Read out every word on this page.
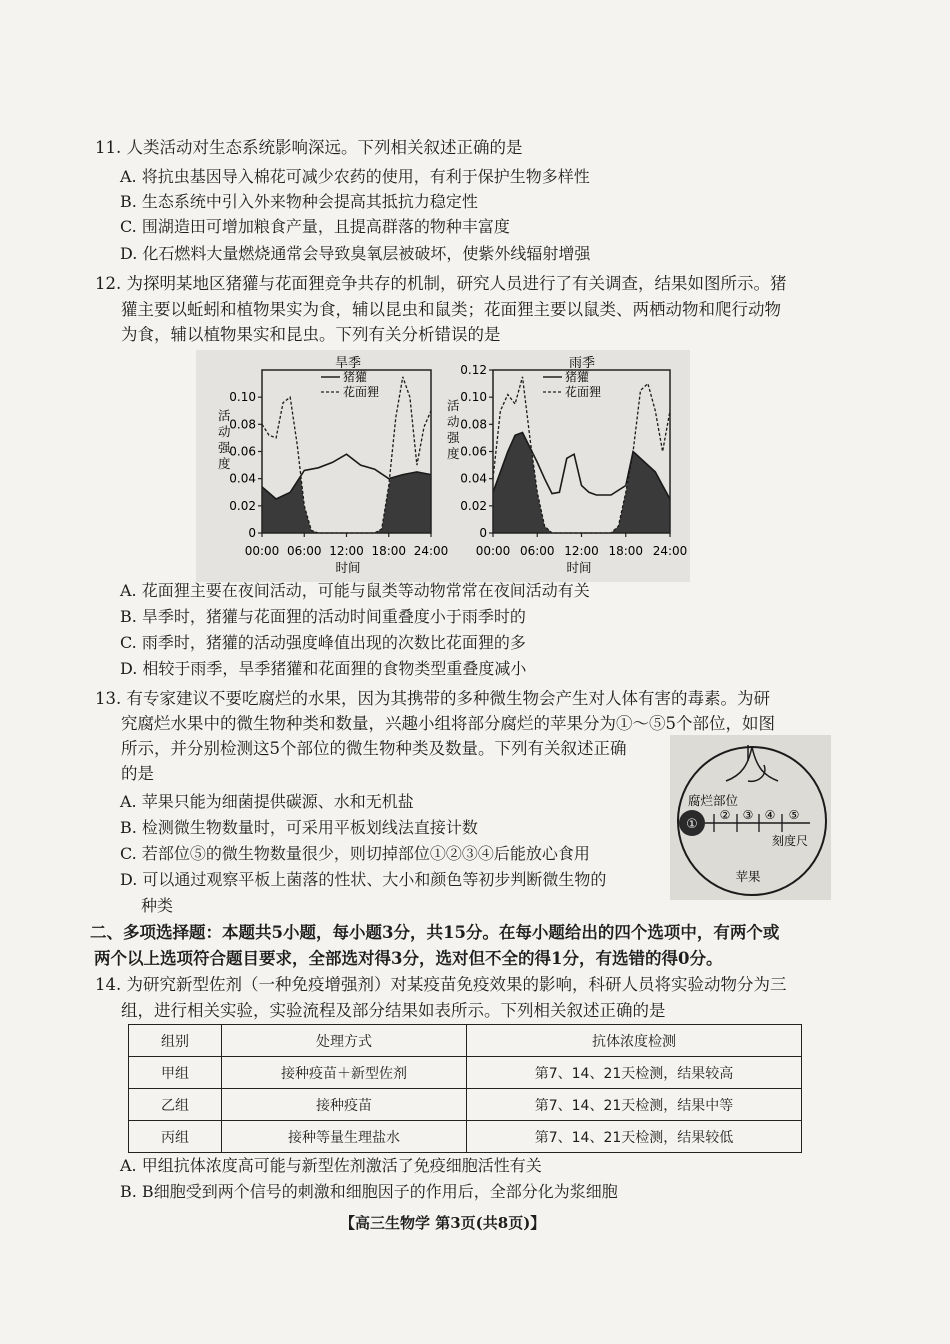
11. 人类活动对生态系统影响深远。下列相关叙述正确的是
A. 将抗虫基因导入棉花可减少农药的使用，有利于保护生物多样性
B. 生态系统中引入外来物种会提高其抵抗力稳定性
C. 围湖造田可增加粮食产量，且提高群落的物种丰富度
D. 化石燃料大量燃烧通常会导致臭氧层被破坏，使紫外线辐射增强
12. 为探明某地区猪獾与花面狸竞争共存的机制，研究人员进行了有关调查，结果如图所示。猪
獾主要以蚯蚓和植物果实为食，辅以昆虫和鼠类；花面狸主要以鼠类、两栖动物和爬行动物
为食，辅以植物果实和昆虫。下列有关分析错误的是
旱季
活
动
强
度
0
0.02
0.04
0.06
0.08
0.10
00:00 06:00 12:00 18:00 24:00
时间
猪獾
花面狸
雨季
活
动
强
度
0
0.02
0.04
0.06
0.08
0.10
0.12
00:00 06:00 12:00 18:00 24:00
时间
猪獾
花面狸
A. 花面狸主要在夜间活动，可能与鼠类等动物常常在夜间活动有关
B. 旱季时，猪獾与花面狸的活动时间重叠度小于雨季时的
C. 雨季时，猪獾的活动强度峰值出现的次数比花面狸的多
D. 相较于雨季，旱季猪獾和花面狸的食物类型重叠度减小
13. 有专家建议不要吃腐烂的水果，因为其携带的多种微生物会产生对人体有害的毒素。为研
究腐烂水果中的微生物种类和数量，兴趣小组将部分腐烂的苹果分为①～⑤5个部位，如图
所示，并分别检测这5个部位的微生物种类及数量。下列有关叙述正确
的是
A. 苹果只能为细菌提供碳源、水和无机盐
B. 检测微生物数量时，可采用平板划线法直接计数
C. 若部位⑤的微生物数量很少，则切掉部位①②③④后能放心食用
D. 可以通过观察平板上菌落的性状、大小和颜色等初步判断微生物的
种类
腐烂部位
①
② ③ ④ ⑤
刻度尺
苹果
二、多项选择题：本题共5小题，每小题3分，共15分。在每小题给出的四个选项中，有两个或
两个以上选项符合题目要求，全部选对得3分，选对但不全的得1分，有选错的得0分。
14. 为研究新型佐剂（一种免疫增强剂）对某疫苗免疫效果的影响，科研人员将实验动物分为三
组，进行相关实验，实验流程及部分结果如表所示。下列相关叙述正确的是
组别	处理方式	抗体浓度检测
甲组	接种疫苗＋新型佐剂	第7、14、21天检测，结果较高
乙组	接种疫苗	第7、14、21天检测，结果中等
丙组	接种等量生理盐水	第7、14、21天检测，结果较低
A. 甲组抗体浓度高可能与新型佐剂激活了免疫细胞活性有关
B. B细胞受到两个信号的刺激和细胞因子的作用后，全部分化为浆细胞
【高三生物学 第3页(共8页)】
